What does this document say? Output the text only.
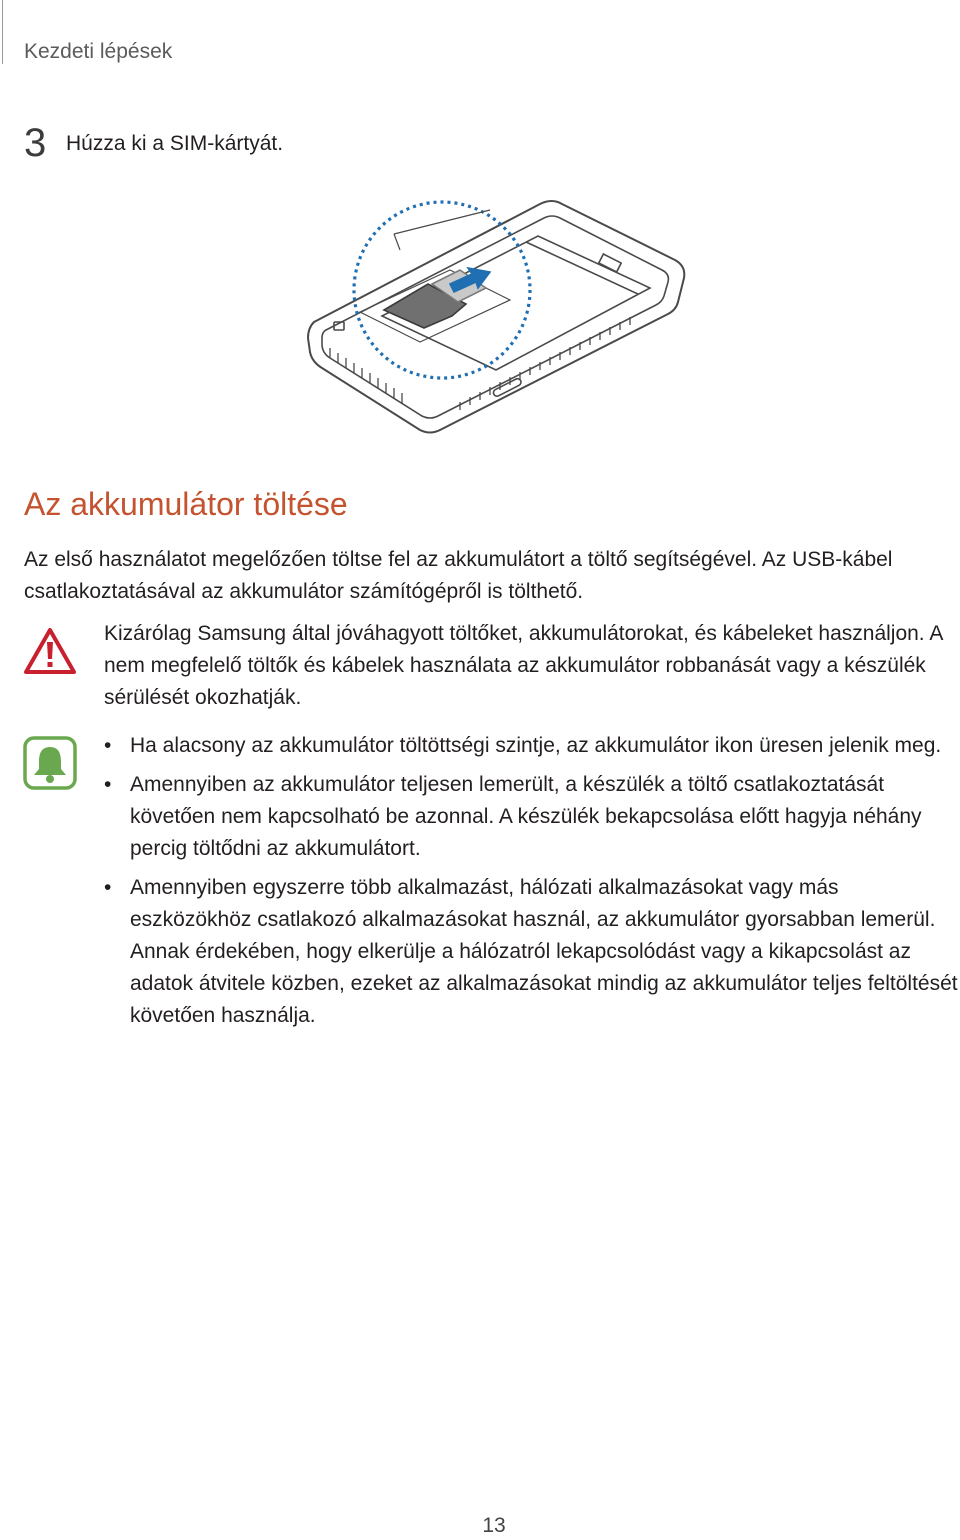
Kezdeti lépések
3 Húzza ki a SIM-kártyát.
Az akkumulátor töltése
Az első használatot megelőzően töltse fel az akkumulátort a töltő segítségével. Az USB-kábel csatlakoztatásával az akkumulátor számítógépről is tölthető.
Kizárólag Samsung által jóváhagyott töltőket, akkumulátorokat, és kábeleket használjon. A nem megfelelő töltők és kábelek használata az akkumulátor robbanását vagy a készülék sérülését okozhatják.
• Ha alacsony az akkumulátor töltöttségi szintje, az akkumulátor ikon üresen jelenik meg.
• Amennyiben az akkumulátor teljesen lemerült, a készülék a töltő csatlakoztatását követően nem kapcsolható be azonnal. A készülék bekapcsolása előtt hagyja néhány percig töltődni az akkumulátort.
• Amennyiben egyszerre több alkalmazást, hálózati alkalmazásokat vagy más eszközökhöz csatlakozó alkalmazásokat használ, az akkumulátor gyorsabban lemerül. Annak érdekében, hogy elkerülje a hálózatról lekapcsolódást vagy a kikapcsolást az adatok átvitele közben, ezeket az alkalmazásokat mindig az akkumulátor teljes feltöltését követően használja.
13
